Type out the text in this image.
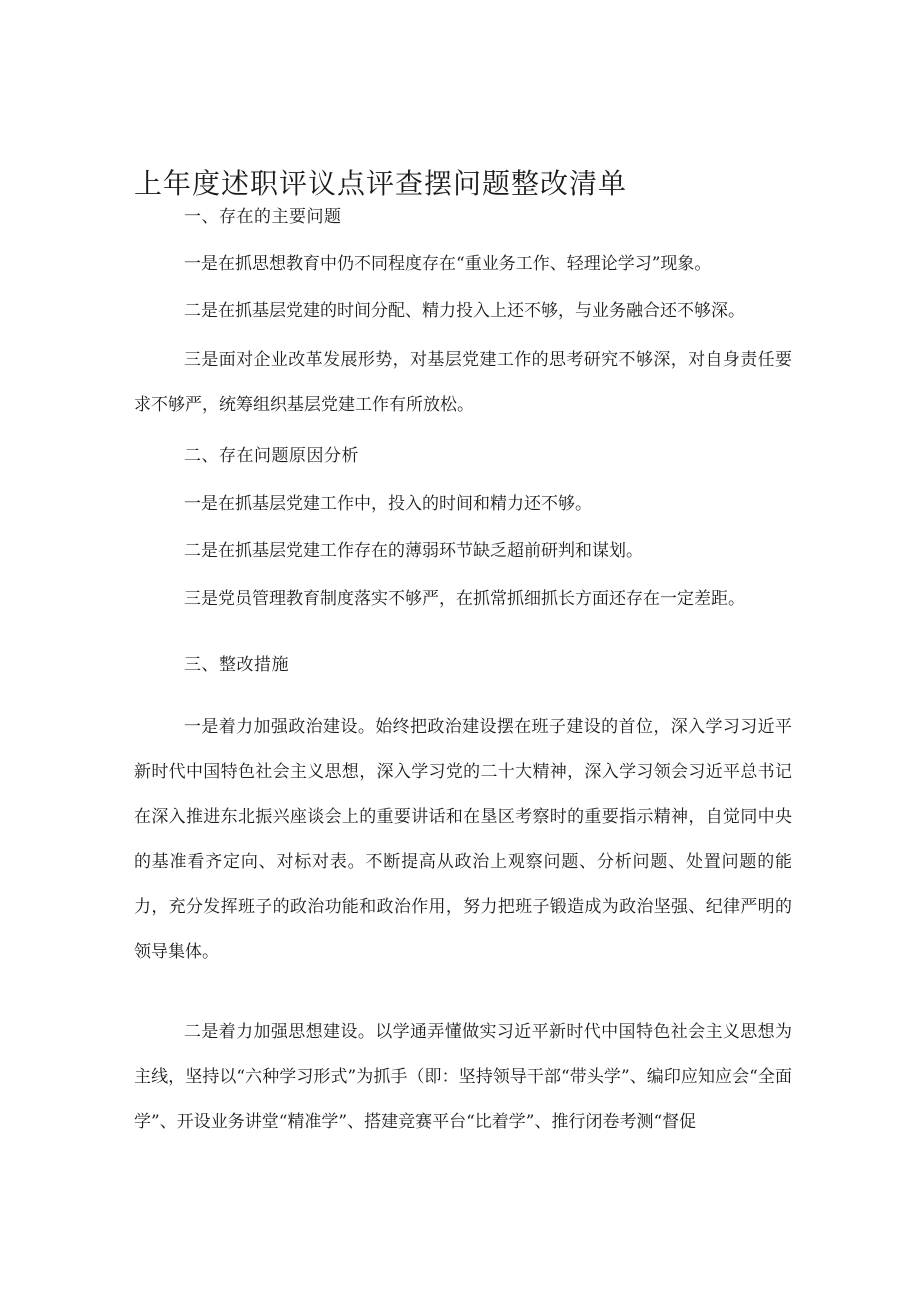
上年度述职评议点评查摆问题整改清单

一、存在的主要问题

一是在抓思想教育中仍不同程度存在“重业务工作、轻理论学习”现象。

二是在抓基层党建的时间分配、精力投入上还不够，与业务融合还不够深。

三是面对企业改革发展形势，对基层党建工作的思考研究不够深，对自身责任要求不够严，统筹组织基层党建工作有所放松。

二、存在问题原因分析

一是在抓基层党建工作中，投入的时间和精力还不够。

二是在抓基层党建工作存在的薄弱环节缺乏超前研判和谋划。

三是党员管理教育制度落实不够严，在抓常抓细抓长方面还存在一定差距。

三、整改措施

一是着力加强政治建设。始终把政治建设摆在班子建设的首位，深入学习习近平新时代中国特色社会主义思想，深入学习党的二十大精神，深入学习领会习近平总书记在深入推进东北振兴座谈会上的重要讲话和在垦区考察时的重要指示精神，自觉同中央的基准看齐定向、对标对表。不断提高从政治上观察问题、分析问题、处置问题的能力，充分发挥班子的政治功能和政治作用，努力把班子锻造成为政治坚强、纪律严明的领导集体。

二是着力加强思想建设。以学通弄懂做实习近平新时代中国特色社会主义思想为主线，坚持以“六种学习形式”为抓手（即：坚持领导干部“带头学”、编印应知应会“全面学”、开设业务讲堂“精准学”、搭建竞赛平台“比着学”、推行闭卷考测“督促
